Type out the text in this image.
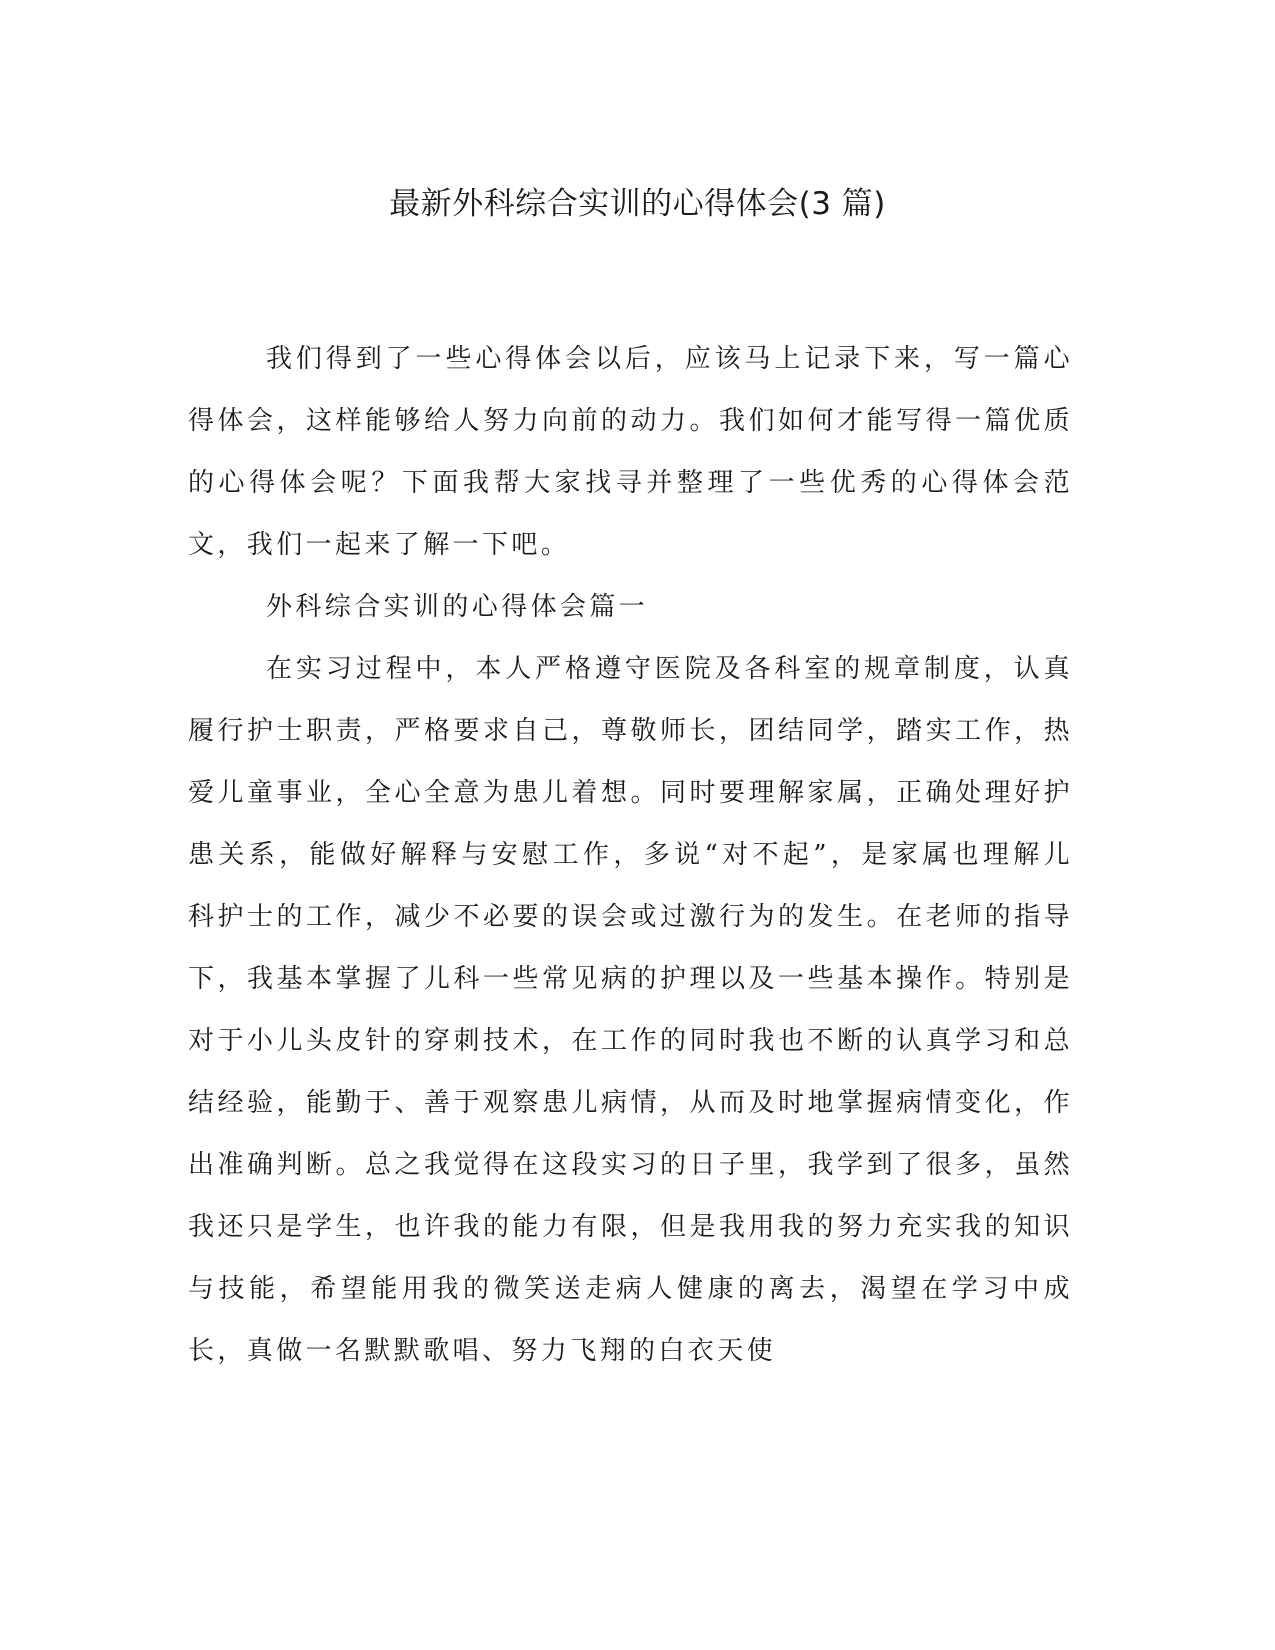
最新外科综合实训的心得体会(3 篇)

我们得到了一些心得体会以后，应该马上记录下来，写一篇心得体会，这样能够给人努力向前的动力。我们如何才能写得一篇优质的心得体会呢？下面我帮大家找寻并整理了一些优秀的心得体会范文，我们一起来了解一下吧。

外科综合实训的心得体会篇一

在实习过程中，本人严格遵守医院及各科室的规章制度，认真履行护士职责，严格要求自己，尊敬师长，团结同学，踏实工作，热爱儿童事业，全心全意为患儿着想。同时要理解家属，正确处理好护患关系，能做好解释与安慰工作，多说“对不起”，是家属也理解儿科护士的工作，减少不必要的误会或过激行为的发生。在老师的指导下，我基本掌握了儿科一些常见病的护理以及一些基本操作。特别是对于小儿头皮针的穿刺技术，在工作的同时我也不断的认真学习和总结经验，能勤于、善于观察患儿病情，从而及时地掌握病情变化，作出准确判断。总之我觉得在这段实习的日子里，我学到了很多，虽然我还只是学生，也许我的能力有限，但是我用我的努力充实我的知识与技能，希望能用我的微笑送走病人健康的离去，渴望在学习中成长，真做一名默默歌唱、努力飞翔的白衣天使
